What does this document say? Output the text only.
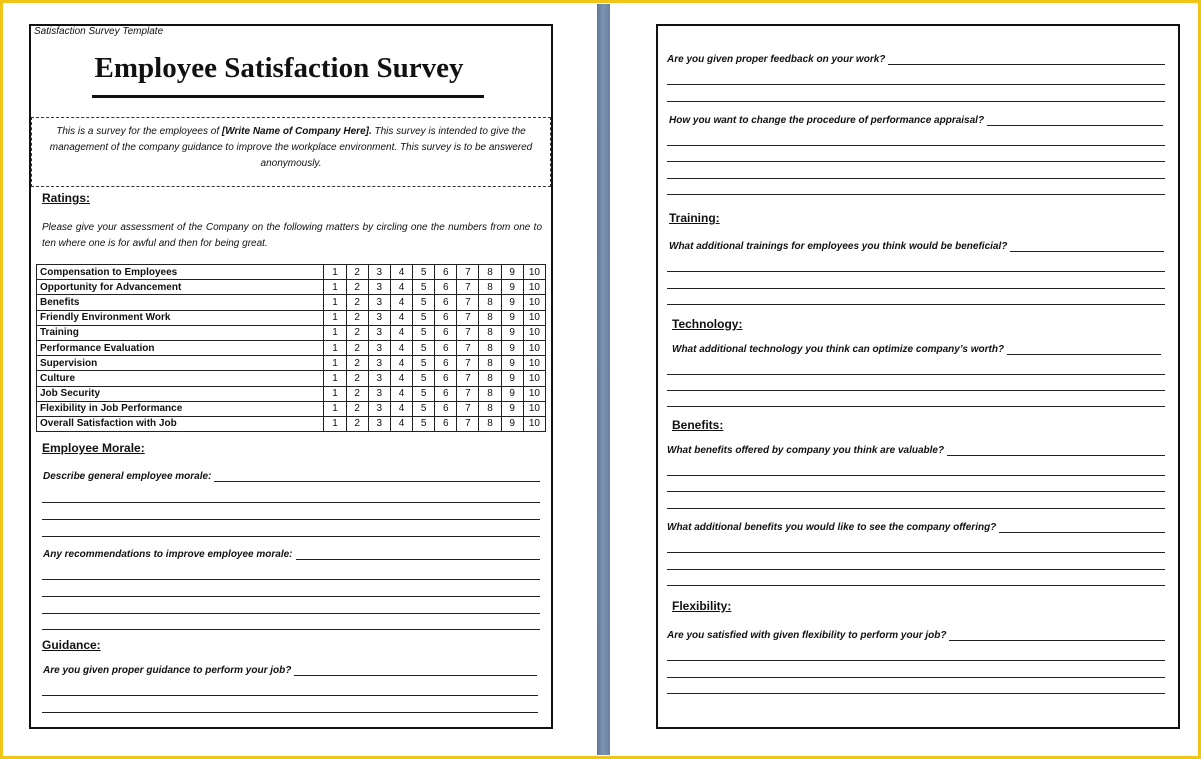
Satisfaction Survey Template
Employee Satisfaction Survey
This is a survey for the employees of [Write Name of Company Here]. This survey is intended to give the management of the company guidance to improve the workplace environment. This survey is to be answered anonymously.
Ratings:
Please give your assessment of the Company on the following matters by circling one the numbers from one to ten where one is for awful and then for being great.
Compensation to Employees	1	2	3	4	5	6	7	8	9	10
Opportunity for Advancement	1	2	3	4	5	6	7	8	9	10
Benefits	1	2	3	4	5	6	7	8	9	10
Friendly Environment Work	1	2	3	4	5	6	7	8	9	10
Training	1	2	3	4	5	6	7	8	9	10
Performance Evaluation	1	2	3	4	5	6	7	8	9	10
Supervision	1	2	3	4	5	6	7	8	9	10
Culture	1	2	3	4	5	6	7	8	9	10
Job Security	1	2	3	4	5	6	7	8	9	10
Flexibility in Job Performance	1	2	3	4	5	6	7	8	9	10
Overall Satisfaction with Job	1	2	3	4	5	6	7	8	9	10
Employee Morale:
Describe general employee morale:
Any recommendations to improve employee morale:
Guidance:
Are you given proper guidance to perform your job?
Are you given proper feedback on your work?
How you want to change the procedure of performance appraisal?
Training:
What additional trainings for employees you think would be beneficial?
Technology:
What additional technology you think can optimize company’s worth?
Benefits:
What benefits offered by company you think are valuable?
What additional benefits you would like to see the company offering?
Flexibility:
Are you satisfied with given flexibility to perform your job?
